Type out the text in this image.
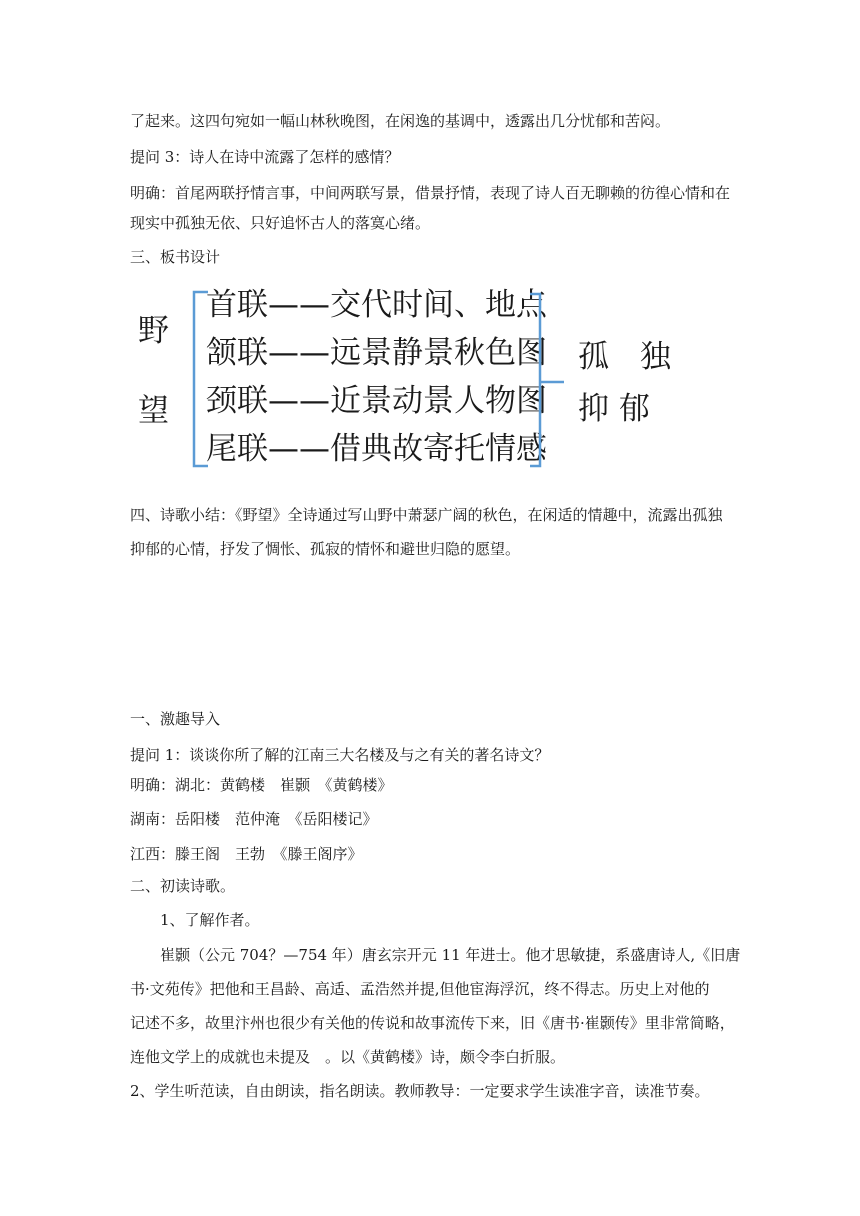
了起来。这四句宛如一幅山林秋晚图，在闲逸的基调中，透露出几分忧郁和苦闷。
提问 3：诗人在诗中流露了怎样的感情？
明确：首尾两联抒情言事，中间两联写景，借景抒情，表现了诗人百无聊赖的彷徨心情和在
现实中孤独无依、只好追怀古人的落寞心绪。
三、板书设计
野
望
首联——交代时间、地点
颔联——远景静景秋色图
颈联——近景动景人物图
尾联——借典故寄托情感
孤　独
抑 郁
四、诗歌小结：《野望》全诗通过写山野中萧瑟广阔的秋色，在闲适的情趣中，流露出孤独
抑郁的心情，抒发了惆怅、孤寂的情怀和避世归隐的愿望。
一、激趣导入
提问 1：谈谈你所了解的江南三大名楼及与之有关的著名诗文？
明确：湖北：黄鹤楼　崔颢　《黄鹤楼》
湖南：岳阳楼　范仲淹　《岳阳楼记》
江西：滕王阁　王勃　《滕王阁序》
二、初读诗歌。
1、了解作者。
崔颢（公元 704？—754 年）唐玄宗开元 11 年进士。他才思敏捷，系盛唐诗人,《旧唐
书·文苑传》把他和王昌龄、高适、孟浩然并提,但他宦海浮沉，终不得志。历史上对他的
记述不多，故里汴州也很少有关他的传说和故事流传下来，旧《唐书·崔颢传》里非常简略，
连他文学上的成就也未提及　。以《黄鹤楼》诗，颇令李白折服。
2、学生听范读，自由朗读，指名朗读。教师教导：一定要求学生读准字音，读准节奏。
